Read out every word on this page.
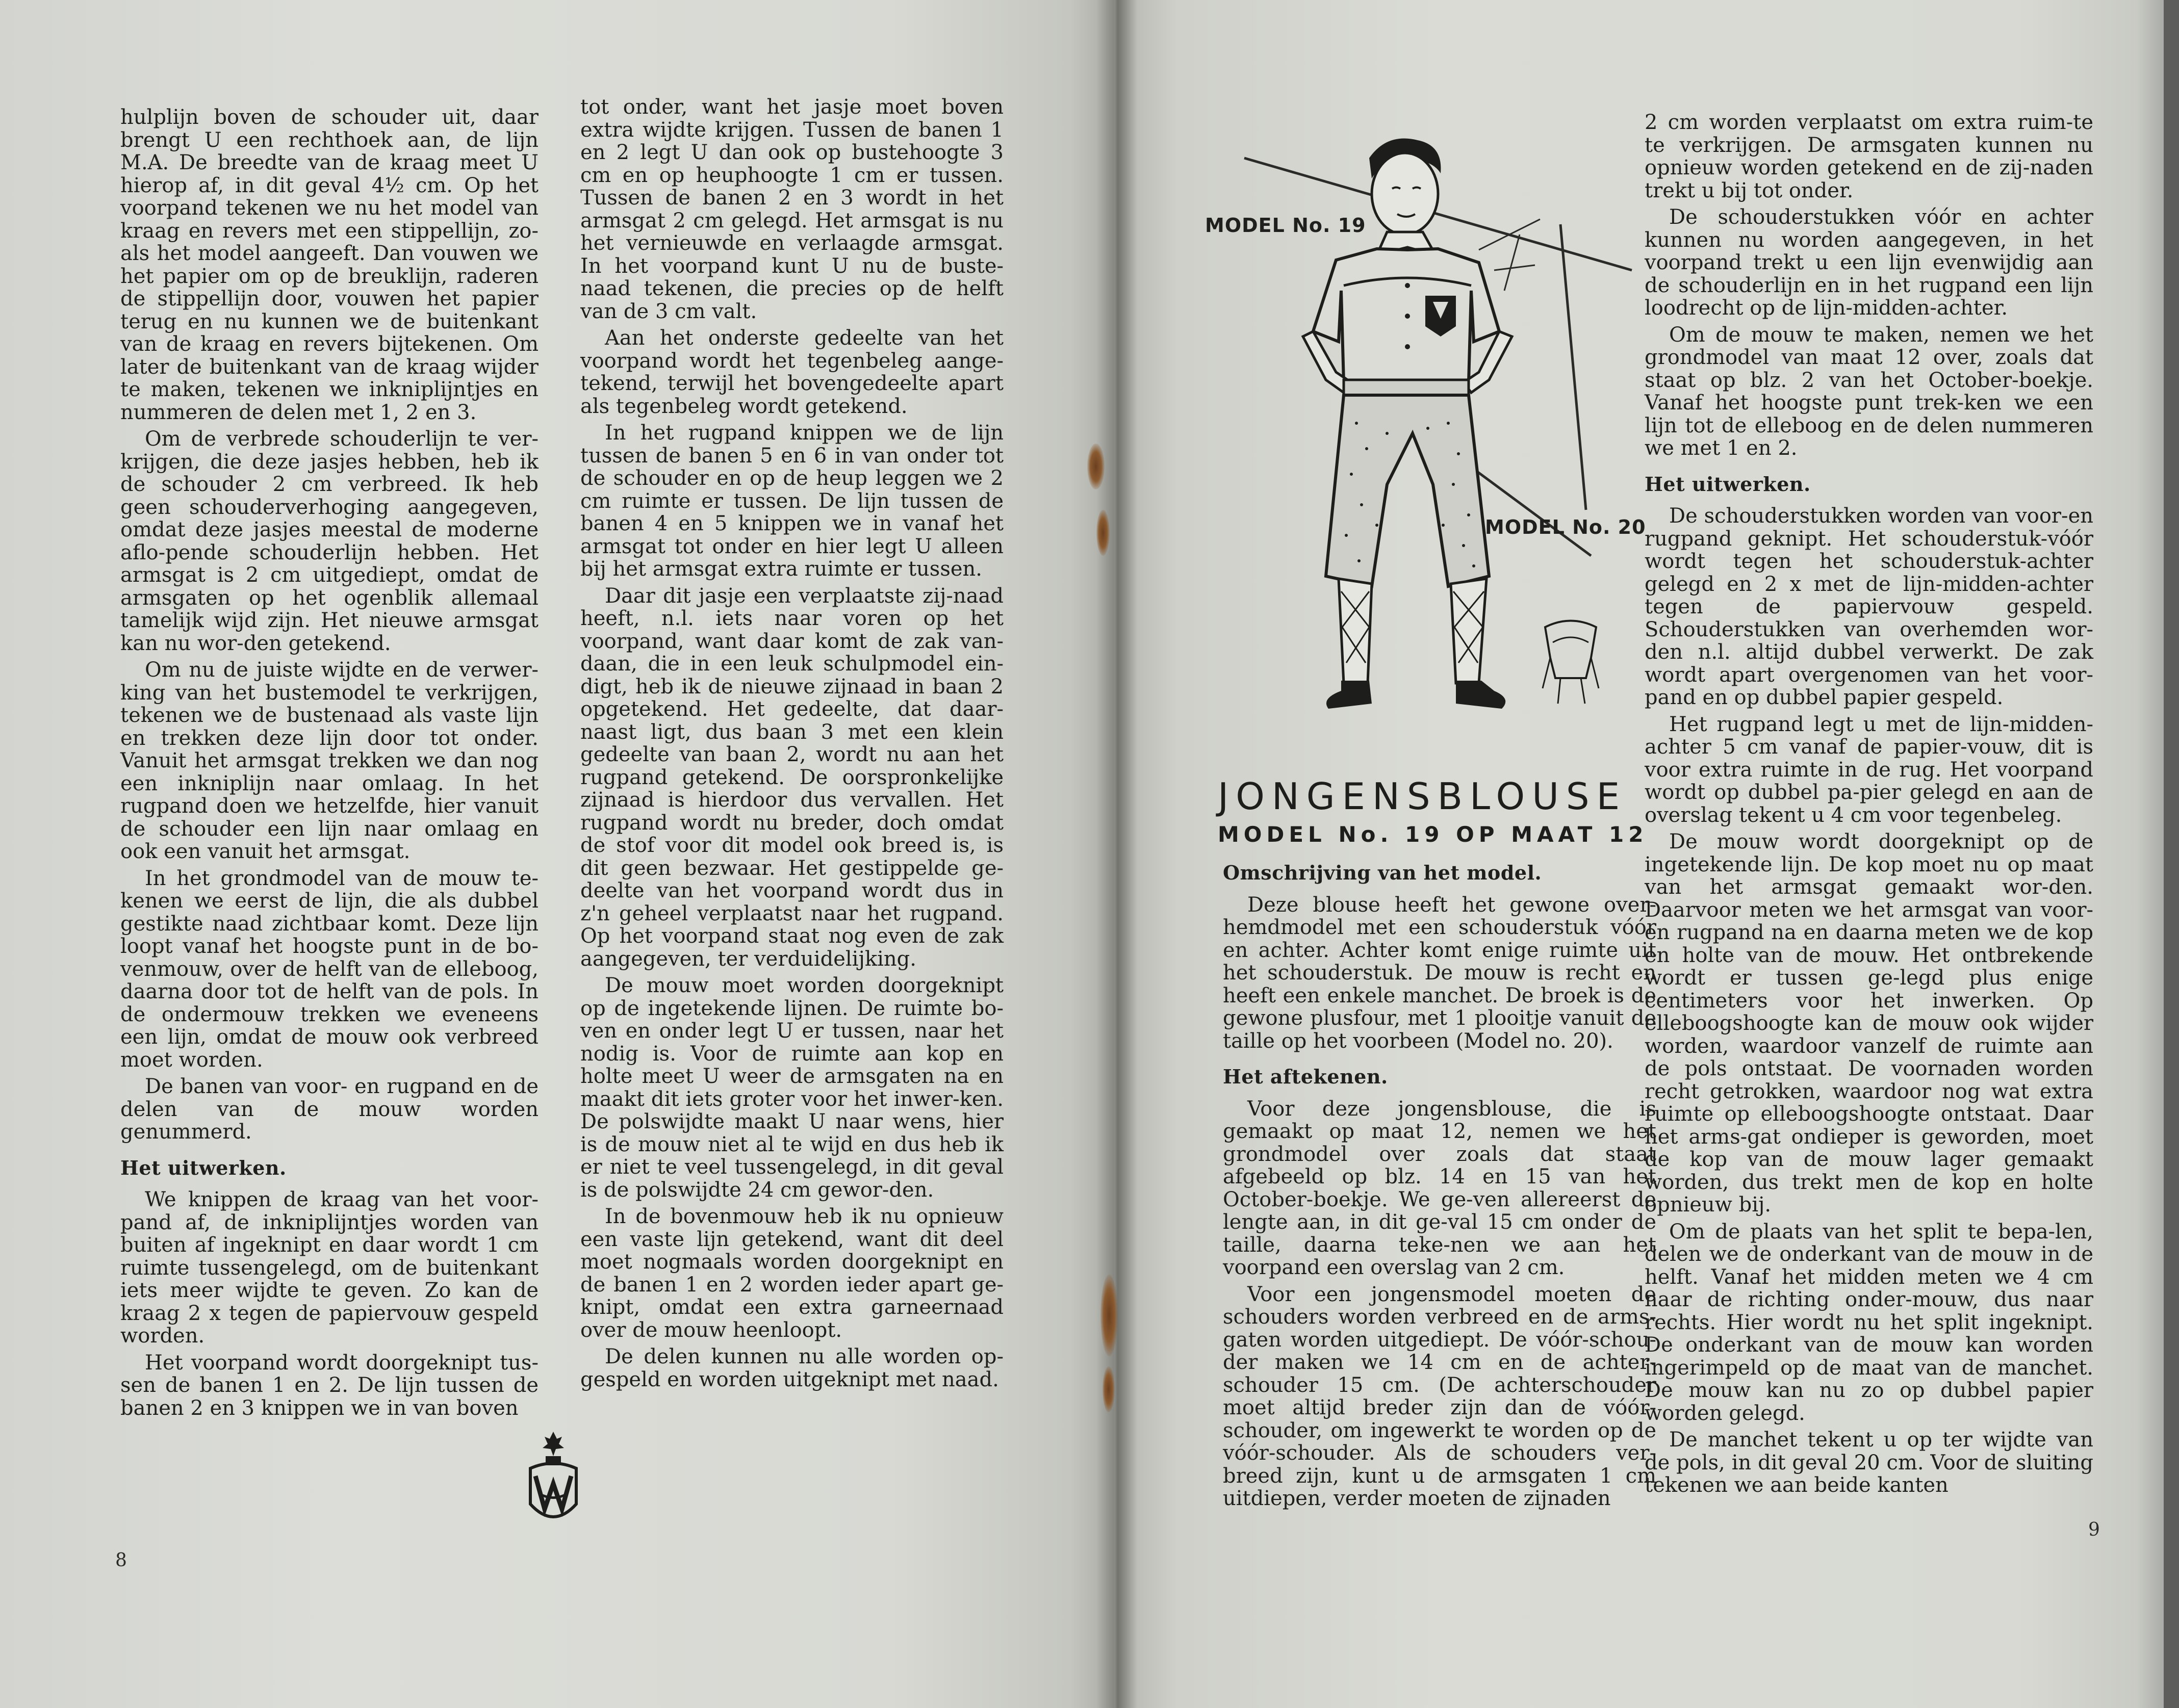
hulplijn boven de schouder uit, daar brengt U een rechthoek aan, de lijn M.A. De breedte van de kraag meet U hierop af, in dit geval 4½ cm. Op het voorpand tekenen we nu het model van kraag en revers met een stippellijn, zo-als het model aangeeft. Dan vouwen we het papier om op de breuklijn, raderen de stippellijn door, vouwen het papier terug en nu kunnen we de buitenkant van de kraag en revers bijtekenen. Om later de buitenkant van de kraag wijder te maken, tekenen we inkniplijntjes en nummeren de delen met 1, 2 en 3.

Om de verbrede schouderlijn te ver-krijgen, die deze jasjes hebben, heb ik de schouder 2 cm verbreed. Ik heb geen schouderverhoging aangegeven, omdat deze jasjes meestal de moderne aflo-pende schouderlijn hebben. Het armsgat is 2 cm uitgediept, omdat de armsgaten op het ogenblik allemaal tamelijk wijd zijn. Het nieuwe armsgat kan nu wor-den getekend.

Om nu de juiste wijdte en de verwer-king van het bustemodel te verkrijgen, tekenen we de bustenaad als vaste lijn en trekken deze lijn door tot onder. Vanuit het armsgat trekken we dan nog een inkniplijn naar omlaag. In het rugpand doen we hetzelfde, hier vanuit de schouder een lijn naar omlaag en ook een vanuit het armsgat.

In het grondmodel van de mouw te-kenen we eerst de lijn, die als dubbel gestikte naad zichtbaar komt. Deze lijn loopt vanaf het hoogste punt in de bo-venmouw, over de helft van de elleboog, daarna door tot de helft van de pols. In de ondermouw trekken we eveneens een lijn, omdat de mouw ook verbreed moet worden.

De banen van voor- en rugpand en de delen van de mouw worden genummerd.

Het uitwerken.

We knippen de kraag van het voor-pand af, de inkniplijntjes worden van buiten af ingeknipt en daar wordt 1 cm ruimte tussengelegd, om de buitenkant iets meer wijdte te geven. Zo kan de kraag 2 x tegen de papiervouw gespeld worden.

Het voorpand wordt doorgeknipt tus-sen de banen 1 en 2. De lijn tussen de banen 2 en 3 knippen we in van boven

tot onder, want het jasje moet boven extra wijdte krijgen. Tussen de banen 1 en 2 legt U dan ook op bustehoogte 3 cm en op heuphoogte 1 cm er tussen. Tussen de banen 2 en 3 wordt in het armsgat 2 cm gelegd. Het armsgat is nu het vernieuwde en verlaagde armsgat. In het voorpand kunt U nu de buste-naad tekenen, die precies op de helft van de 3 cm valt.

Aan het onderste gedeelte van het voorpand wordt het tegenbeleg aange-tekend, terwijl het bovengedeelte apart als tegenbeleg wordt getekend.

In het rugpand knippen we de lijn tussen de banen 5 en 6 in van onder tot de schouder en op de heup leggen we 2 cm ruimte er tussen. De lijn tussen de banen 4 en 5 knippen we in vanaf het armsgat tot onder en hier legt U alleen bij het armsgat extra ruimte er tussen.

Daar dit jasje een verplaatste zij-naad heeft, n.l. iets naar voren op het voorpand, want daar komt de zak van-daan, die in een leuk schulpmodel ein-digt, heb ik de nieuwe zijnaad in baan 2 opgetekend. Het gedeelte, dat daar-naast ligt, dus baan 3 met een klein gedeelte van baan 2, wordt nu aan het rugpand getekend. De oorspronkelijke zijnaad is hierdoor dus vervallen. Het rugpand wordt nu breder, doch omdat de stof voor dit model ook breed is, is dit geen bezwaar. Het gestippelde ge-deelte van het voorpand wordt dus in z'n geheel verplaatst naar het rugpand. Op het voorpand staat nog even de zak aangegeven, ter verduidelijking.

De mouw moet worden doorgeknipt op de ingetekende lijnen. De ruimte bo-ven en onder legt U er tussen, naar het nodig is. Voor de ruimte aan kop en holte meet U weer de armsgaten na en maakt dit iets groter voor het inwer-ken. De polswijdte maakt U naar wens, hier is de mouw niet al te wijd en dus heb ik er niet te veel tussengelegd, in dit geval is de polswijdte 24 cm gewor-den.

In de bovenmouw heb ik nu opnieuw een vaste lijn getekend, want dit deel moet nogmaals worden doorgeknipt en de banen 1 en 2 worden ieder apart ge-knipt, omdat een extra garneernaad over de mouw heenloopt.

De delen kunnen nu alle worden op-gespeld en worden uitgeknipt met naad.

8
MODEL No. 19
MODEL No. 20
JONGENSBLOUSE
MODEL No. 19 OP MAAT 12
Omschrijving van het model.

Deze blouse heeft het gewone over-hemdmodel met een schouderstuk vóór en achter. Achter komt enige ruimte uit het schouderstuk. De mouw is recht en heeft een enkele manchet. De broek is de gewone plusfour, met 1 plooitje vanuit de taille op het voorbeen (Model no. 20).

Het aftekenen.

Voor deze jongensblouse, die is gemaakt op maat 12, nemen we het grondmodel over zoals dat staat afgebeeld op blz. 14 en 15 van het October-boekje. We ge-ven allereerst de lengte aan, in dit ge-val 15 cm onder de taille, daarna teke-nen we aan het voorpand een overslag van 2 cm.

Voor een jongensmodel moeten de schouders worden verbreed en de arms-gaten worden uitgediept. De vóór-schou-der maken we 14 cm en de achter-schouder 15 cm. (De achterschouder moet altijd breder zijn dan de vóór-schouder, om ingewerkt te worden op de vóór-schouder. Als de schouders ver-breed zijn, kunt u de armsgaten 1 cm uitdiepen, verder moeten de zijnaden

2 cm worden verplaatst om extra ruim-te te verkrijgen. De armsgaten kunnen nu opnieuw worden getekend en de zij-naden trekt u bij tot onder.

De schouderstukken vóór en achter kunnen nu worden aangegeven, in het voorpand trekt u een lijn evenwijdig aan de schouderlijn en in het rugpand een lijn loodrecht op de lijn-midden-achter.

Om de mouw te maken, nemen we het grondmodel van maat 12 over, zoals dat staat op blz. 2 van het October-boekje. Vanaf het hoogste punt trek-ken we een lijn tot de elleboog en de delen nummeren we met 1 en 2.

Het uitwerken.

De schouderstukken worden van voor-en rugpand geknipt. Het schouderstuk-vóór wordt tegen het schouderstuk-achter gelegd en 2 x met de lijn-midden-achter tegen de papiervouw gespeld. Schouderstukken van overhemden wor-den n.l. altijd dubbel verwerkt. De zak wordt apart overgenomen van het voor-pand en op dubbel papier gespeld.

Het rugpand legt u met de lijn-midden-achter 5 cm vanaf de papier-vouw, dit is voor extra ruimte in de rug. Het voorpand wordt op dubbel pa-pier gelegd en aan de overslag tekent u 4 cm voor tegenbeleg.

De mouw wordt doorgeknipt op de ingetekende lijn. De kop moet nu op maat van het armsgat gemaakt wor-den. Daarvoor meten we het armsgat van voor- en rugpand na en daarna meten we de kop en holte van de mouw. Het ontbrekende wordt er tussen ge-legd plus enige centimeters voor het inwerken. Op elleboogshoogte kan de mouw ook wijder worden, waardoor vanzelf de ruimte aan de pols ontstaat. De voornaden worden recht getrokken, waardoor nog wat extra ruimte op elleboogshoogte ontstaat. Daar het arms-gat ondieper is geworden, moet de kop van de mouw lager gemaakt worden, dus trekt men de kop en holte opnieuw bij.

Om de plaats van het split te bepa-len, delen we de onderkant van de mouw in de helft. Vanaf het midden meten we 4 cm naar de richting onder-mouw, dus naar rechts. Hier wordt nu het split ingeknipt. De onderkant van de mouw kan worden ingerimpeld op de maat van de manchet. De mouw kan nu zo op dubbel papier worden gelegd.

De manchet tekent u op ter wijdte van de pols, in dit geval 20 cm. Voor de sluiting tekenen we aan beide kanten

9
